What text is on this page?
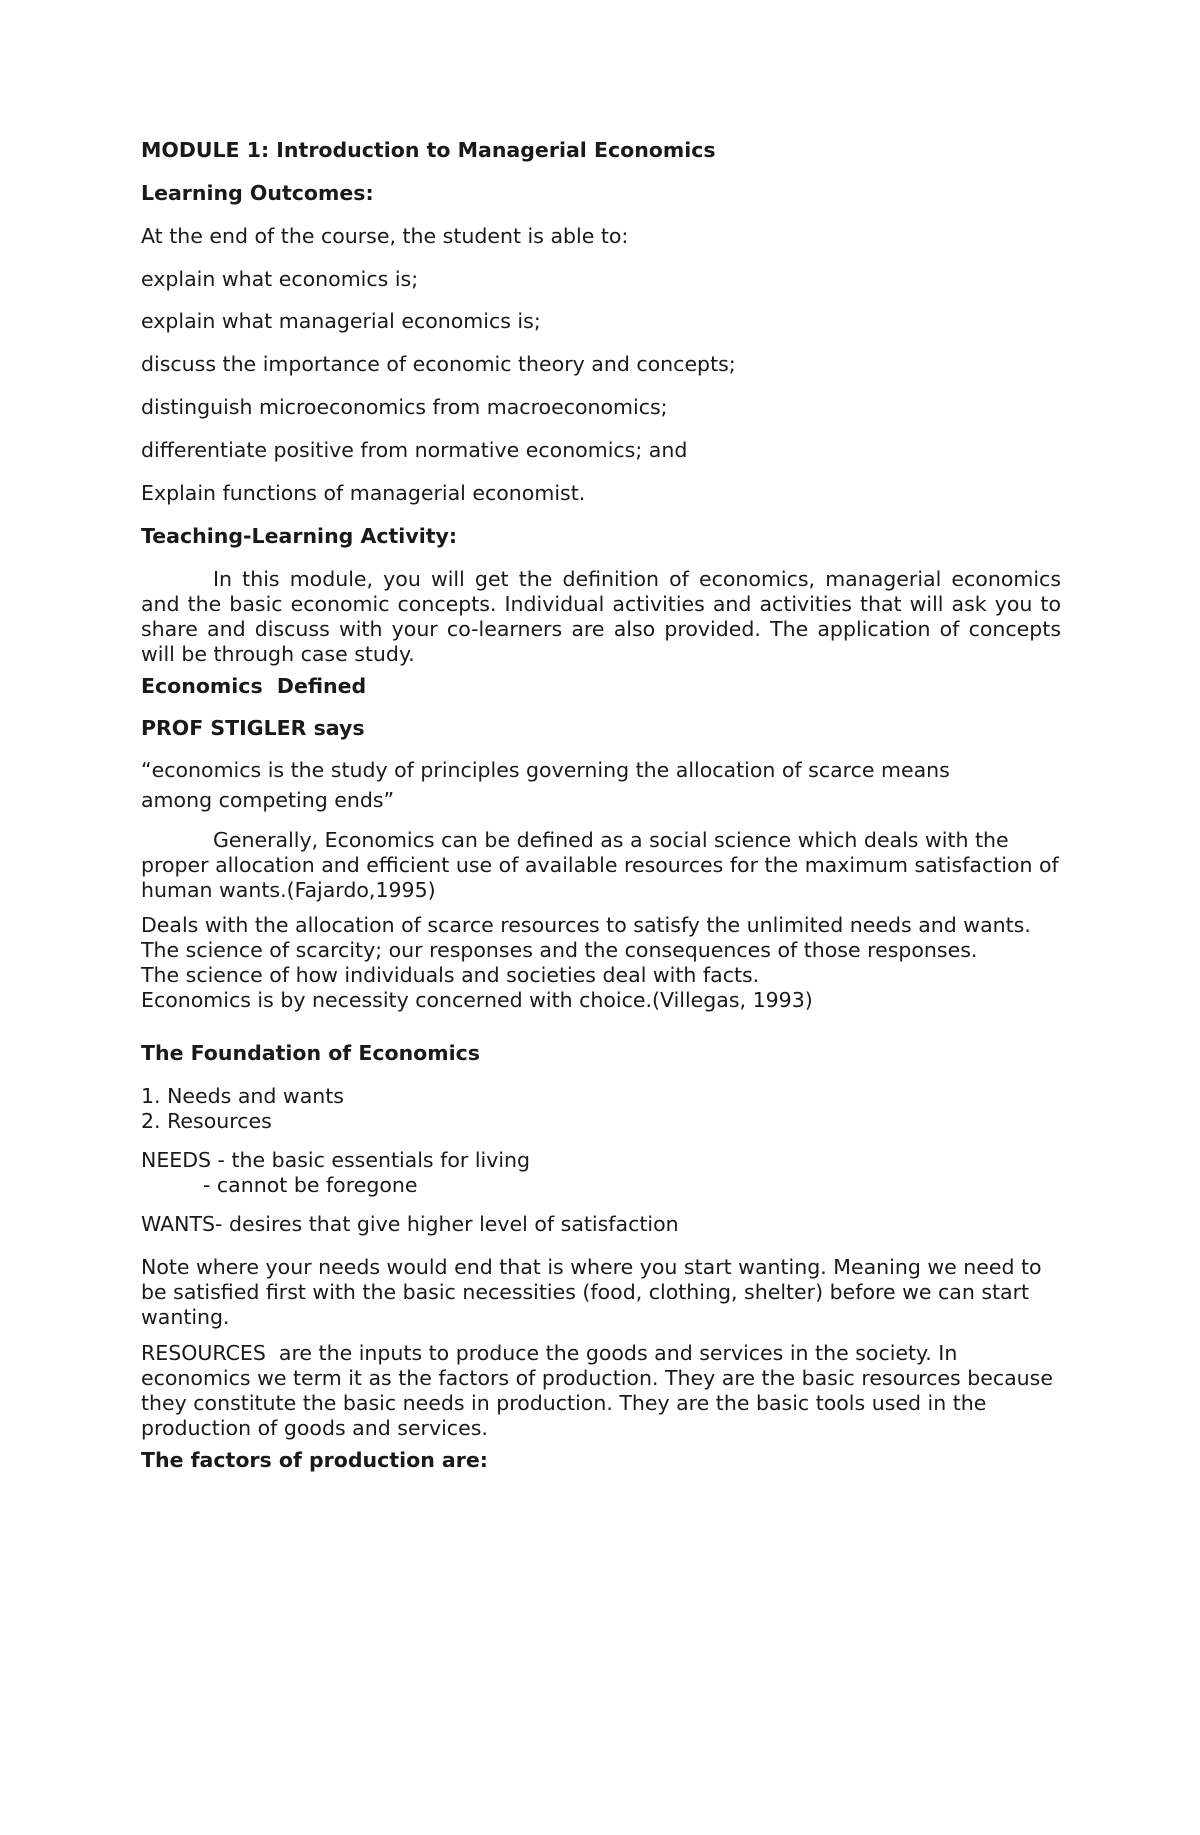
MODULE 1: Introduction to Managerial Economics

Learning Outcomes:

At the end of the course, the student is able to:

explain what economics is;

explain what managerial economics is;

discuss the importance of economic theory and concepts;

distinguish microeconomics from macroeconomics;

differentiate positive from normative economics; and

Explain functions of managerial economist.

Teaching-Learning Activity:

In this module, you will get the definition of economics, managerial economics and the basic economic concepts. Individual activities and activities that will ask you to share and discuss with your co-learners are also provided. The application of concepts will be through case study.

Economics  Defined

PROF STIGLER says

“economics is the study of principles governing the allocation of scarce means

among competing ends”

Generally, Economics can be defined as a social science which deals with the proper allocation and efficient use of available resources for the maximum satisfaction of human wants.(Fajardo,1995)

Deals with the allocation of scarce resources to satisfy the unlimited needs and wants.

The science of scarcity; our responses and the consequences of those responses.

The science of how individuals and societies deal with facts.

Economics is by necessity concerned with choice.(Villegas, 1993)

The Foundation of Economics

1. Needs and wants

2. Resources

NEEDS - the basic essentials for living

- cannot be foregone

WANTS- desires that give higher level of satisfaction

Note where your needs would end that is where you start wanting. Meaning we need to be satisfied first with the basic necessities (food, clothing, shelter) before we can start wanting.

RESOURCES  are the inputs to produce the goods and services in the society. In economics we term it as the factors of production. They are the basic resources because they constitute the basic needs in production. They are the basic tools used in the production of goods and services.

The factors of production are:
